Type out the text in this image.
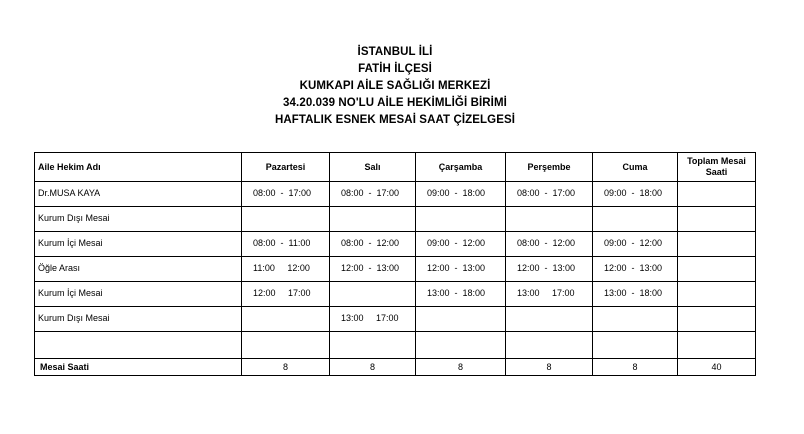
İSTANBUL İLİ
FATİH İLÇESİ
KUMKAPI AİLE SAĞLIĞI MERKEZİ
34.20.039 NO'LU AİLE HEKİMLİĞİ BİRİMİ
HAFTALIK ESNEK MESAİ SAAT ÇİZELGESİ
Aile Hekim Adı	Pazartesi	Salı	Çarşamba	Perşembe	Cuma	Toplam Mesai Saati
Dr.MUSA KAYA	08:00  -  17:00	08:00  -  17:00	09:00  -  18:00	08:00  -  17:00	09:00  -  18:00	
Kurum Dışı Mesai						
Kurum İçi Mesai	08:00  -  11:00	08:00  -  12:00	09:00  -  12:00	08:00  -  12:00	09:00  -  12:00	
Öğle Arası	11:00     12:00	12:00  -  13:00	12:00  -  13:00	12:00  -  13:00	12:00  -  13:00	
Kurum İçi Mesai	12:00     17:00		13:00  -  18:00	13:00     17:00	13:00  -  18:00	
Kurum Dışı Mesai		13:00     17:00				

Mesai Saati	8	8	8	8	8	40
